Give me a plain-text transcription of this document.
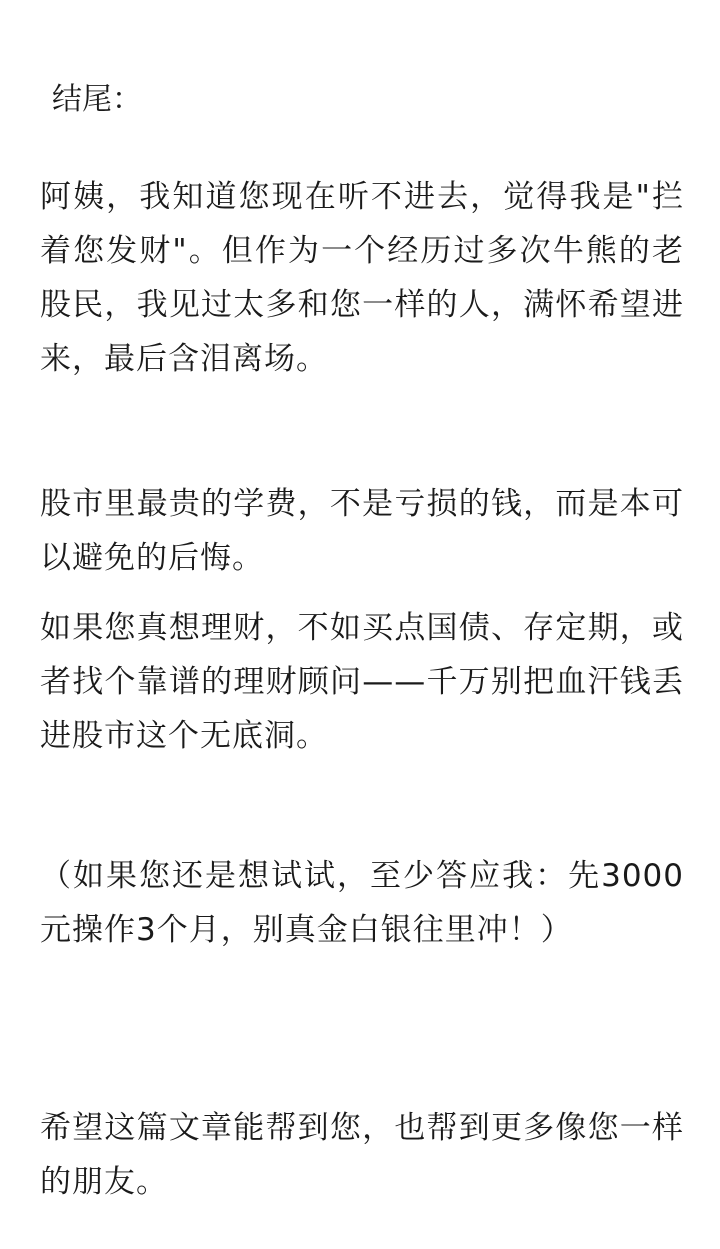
结尾：

阿姨，我知道您现在听不进去，觉得我是"拦着您发财"。但作为一个经历过多次牛熊的老股民，我见过太多和您一样的人，满怀希望进来，最后含泪离场。

股市里最贵的学费，不是亏损的钱，而是本可以避免的后悔。

如果您真想理财，不如买点国债、存定期，或者找个靠谱的理财顾问——千万别把血汗钱丢进股市这个无底洞。

（如果您还是想试试，至少答应我：先3000元操作3个月，别真金白银往里冲！）

希望这篇文章能帮到您，也帮到更多像您一样的朋友。
